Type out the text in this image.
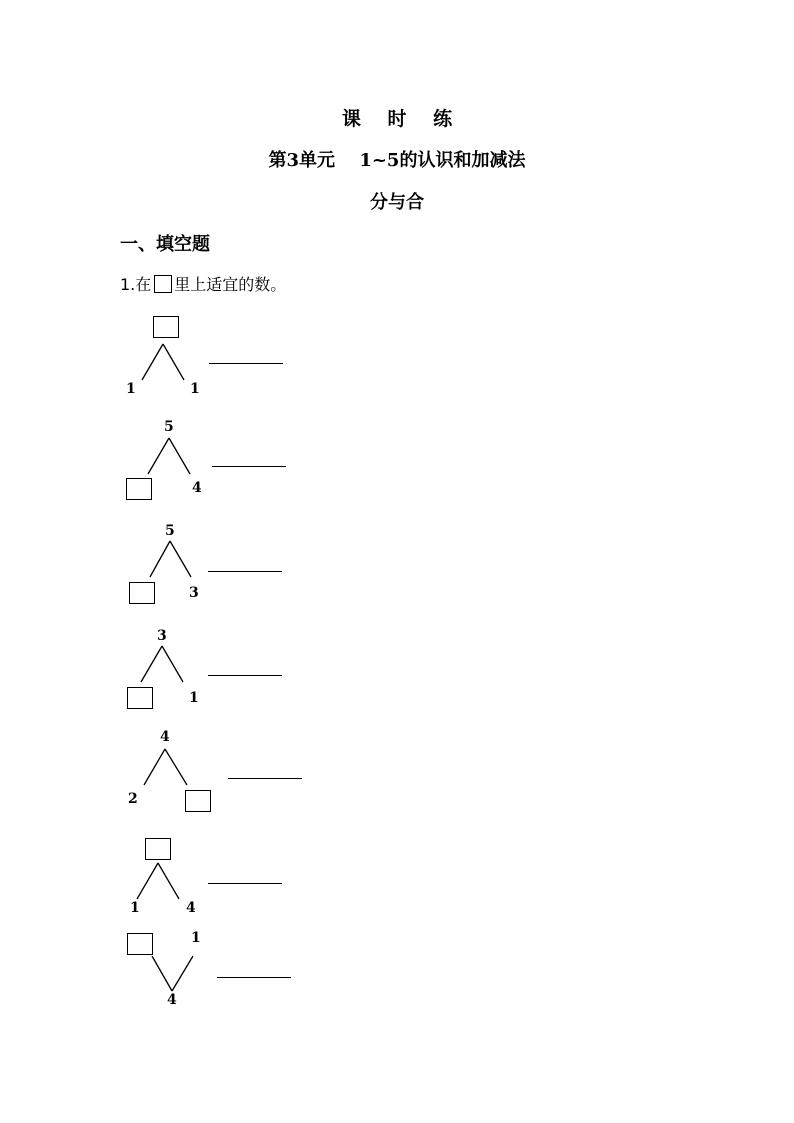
课 时 练
第3单元　 1~5的认识和加减法
分与合
一、填空题
1.在 里上适宜的数。
1	1
5
4
5
3
3
1
4
2
1	4
1
4
